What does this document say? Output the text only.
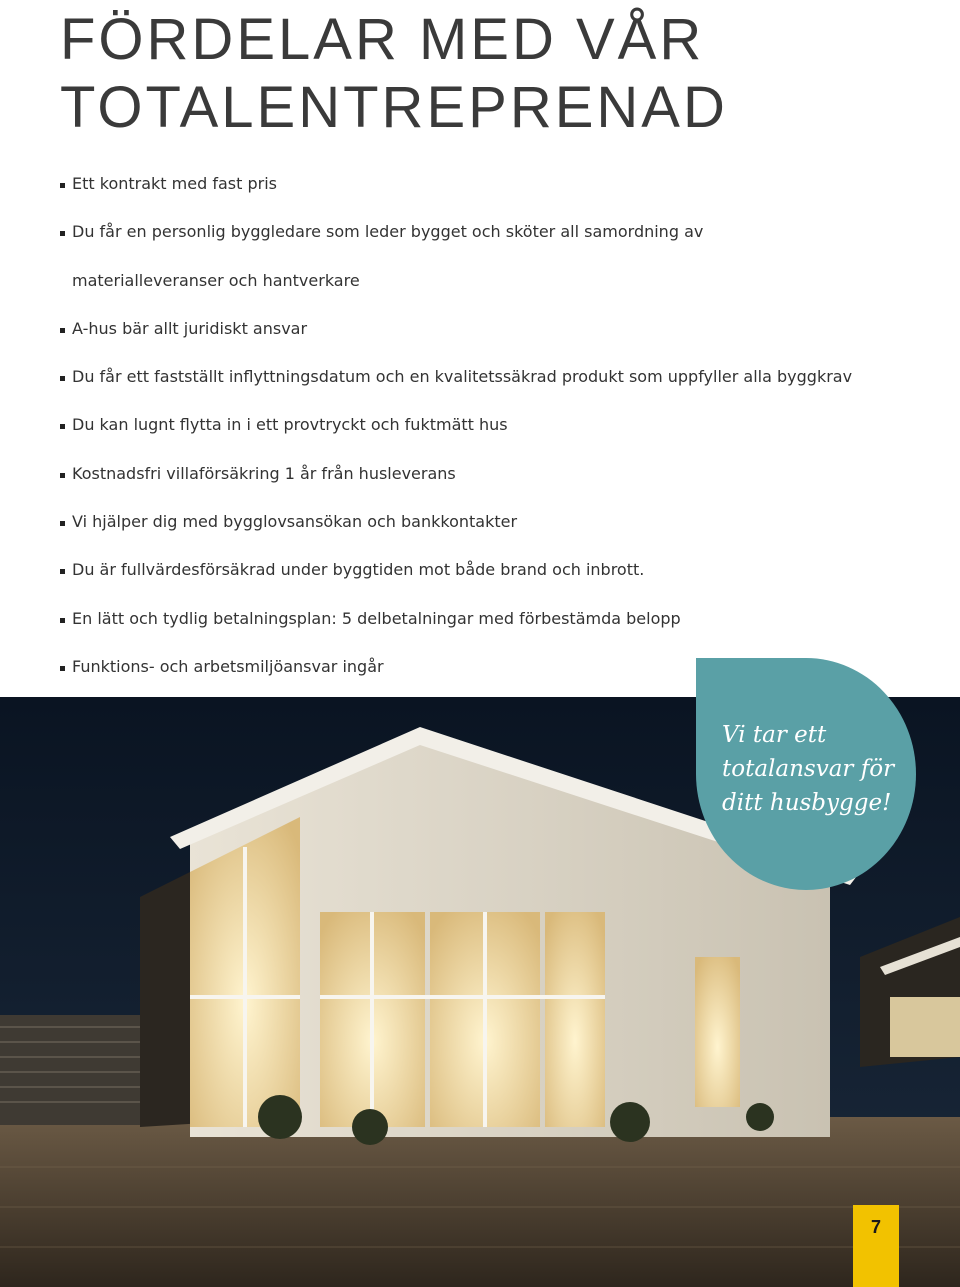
FÖRDELAR MED VÅR
TOTALENTREPRENAD
Ett kontrakt med fast pris
Du får en personlig byggledare som leder bygget och sköter all samordning av
materialleveranser och hantverkare
A-hus bär allt juridiskt ansvar
Du får ett fastställt inflyttningsdatum och en kvalitetssäkrad produkt som uppfyller alla byggkrav
Du kan lugnt flytta in i ett provtryckt och fuktmätt hus
Kostnadsfri villaförsäkring 1 år från husleverans
Vi hjälper dig med bygglovsansökan och bankkontakter
Du är fullvärdesförsäkrad under byggtiden mot både brand och inbrott.
En lätt och tydlig betalningsplan: 5 delbetalningar med förbestämda belopp
Funktions- och arbetsmiljöansvar ingår
Vi tar ett
totalansvar för
ditt husbygge!
7
